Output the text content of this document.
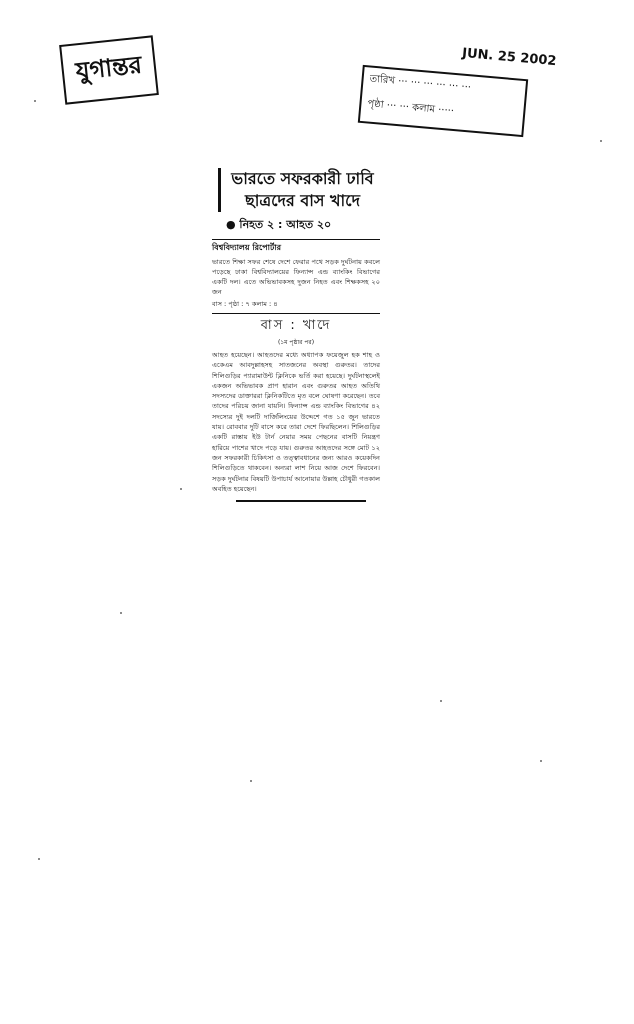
যুগান্তর	JUN. 25 2002
তারিখ ··· ··· ··· ··· ··· ···
পৃষ্ঠা ··· ··· কলাম ·····
ভারতে সফরকারী ঢাবি
ছাত্রদের বাস খাদে
● নিহত ২ : আহত ২০
বিশ্ববিদ্যালয় রিপোর্টার
ভারতে শিক্ষা সফর শেষে দেশে ফেরার পথে সড়ক দুর্ঘটনায় কবলে পড়েছে ঢাকা বিশ্ববিদ্যালয়ের ফিন্যান্স এন্ড ব্যাংকিং বিভাগের একটি দল। এতে অভিভাবকসহ দুজন নিহত এবং শিক্ষকসহ ২০ জন
বাস : পৃষ্ঠা : ৭ কলাম : ৪
বাস : খাদে
(১ম পৃষ্ঠার পর)
আহত হয়েছেন। আহতদের মধ্যে অধ্যাপক ফয়েজুল হক শাহ ও একেএম আবদুল্লাহসহ সাতজনের অবস্থা গুরুতর। তাদের শিলিগুড়ির প্যারামাউন্ট ক্লিনিকে ভর্তি করা হয়েছে। দুর্ঘটনাস্থলেই একজন অভিভাবক প্রাণ হারান এবং গুরুতর আহত অতিথি সদস্যদের ডাক্তাররা ক্লিনিকটিতে মৃত বলে ঘোষণা করেছেন। তবে তাদের পরিচয় জানা যায়নি। ফিন্যান্স এন্ড ব্যাংকিং বিভাগের ৪২ সদস্যের দুই দলটি দার্জিলিংয়ের উদ্দেশে গত ১৫ জুন ভারতে যায়। রোববার দুটি বাসে করে তারা দেশে ফিরছিলেন। শিলিগুড়ির একটি রাস্তায় ইউ টার্ন নেয়ার সময় পেছনের বাসটি নিয়ন্ত্রণ হারিয়ে পাশের খাদে পড়ে যায়। গুরুতর আহতদের সঙ্গে মোট ১২ জন সফরকারী চিকিৎসা ও তত্ত্বাবধানের জন্য আরও কয়েকদিন শিলিগুড়িতে থাকবেন। অন্যরা লাশ নিয়ে আজ দেশে ফিরবেন। সড়ক দুর্ঘটনার বিষয়টি উপাচার্য আনোয়ার উল্লাহ চৌধুরী গতকাল অবহিত হয়েছেন।
